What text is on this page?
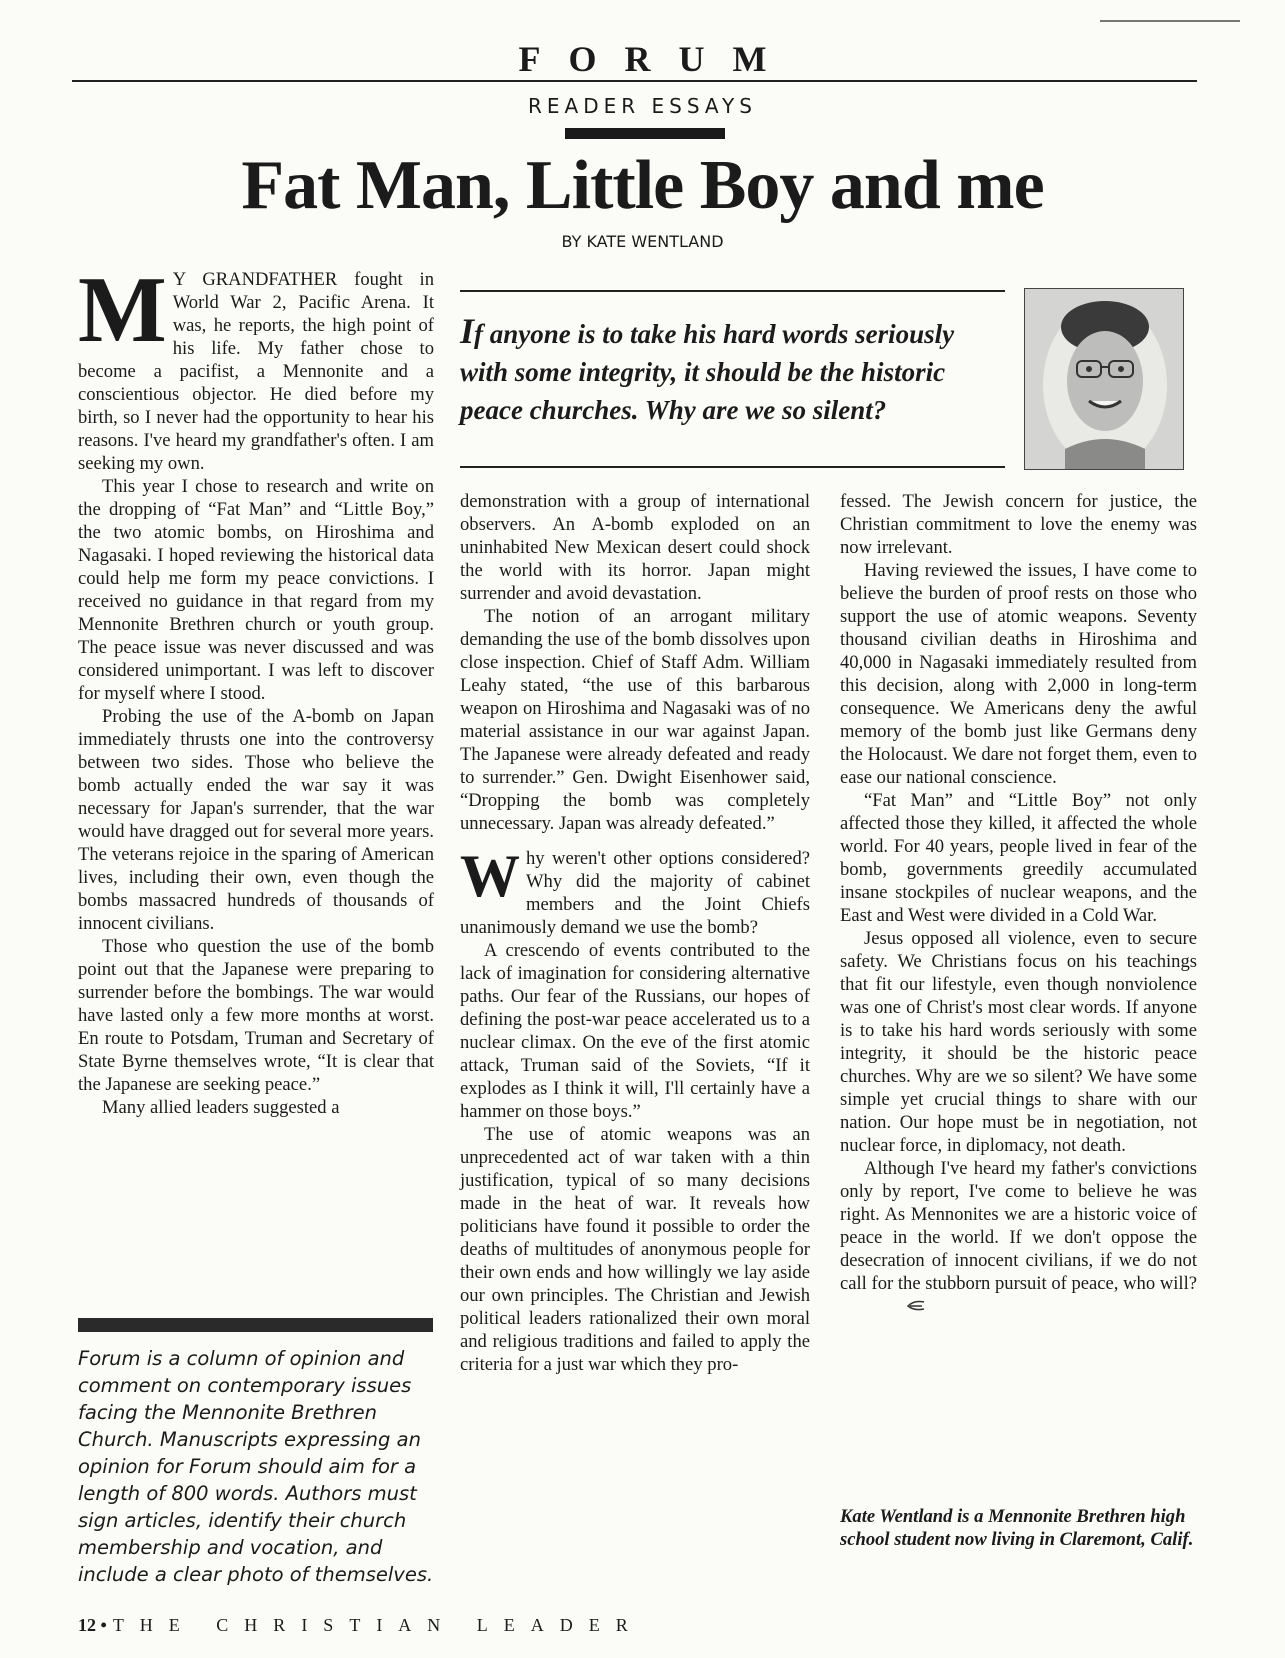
FORUM
READER ESSAYS
Fat Man, Little Boy and me
BY KATE WENTLAND

M Y GRANDFATHER fought in World War 2, Pacific Arena. It was, he reports, the high point of his life. My father chose to become a pacifist, a Mennonite and a conscientious objector. He died before my birth, so I never had the opportunity to hear his reasons. I've heard my grandfather's often. I am seeking my own.

This year I chose to research and write on the dropping of “Fat Man” and “Little Boy,” the two atomic bombs, on Hiroshima and Nagasaki. I hoped reviewing the historical data could help me form my peace convictions. I received no guidance in that regard from my Mennonite Brethren church or youth group. The peace issue was never discussed and was considered unimportant. I was left to discover for myself where I stood.

Probing the use of the A-bomb on Japan immediately thrusts one into the controversy between two sides. Those who believe the bomb actually ended the war say it was necessary for Japan's surrender, that the war would have dragged out for several more years. The veterans rejoice in the sparing of American lives, including their own, even though the bombs massacred hundreds of thousands of innocent civilians.

Those who question the use of the bomb point out that the Japanese were preparing to surrender before the bombings. The war would have lasted only a few more months at worst. En route to Potsdam, Truman and Secretary of State Byrne themselves wrote, “It is clear that the Japanese are seeking peace.”

Many allied leaders suggested a

If anyone is to take his hard words seriously with some integrity, it should be the historic peace churches. Why are we so silent?

demonstration with a group of international observers. An A-bomb exploded on an uninhabited New Mexican desert could shock the world with its horror. Japan might surrender and avoid devastation.

The notion of an arrogant military demanding the use of the bomb dissolves upon close inspection. Chief of Staff Adm. William Leahy stated, “the use of this barbarous weapon on Hiroshima and Nagasaki was of no material assistance in our war against Japan. The Japanese were already defeated and ready to surrender.” Gen. Dwight Eisenhower said, “Dropping the bomb was completely unnecessary. Japan was already defeated.”

Why weren't other options considered? Why did the majority of cabinet members and the Joint Chiefs unanimously demand we use the bomb?

A crescendo of events contributed to the lack of imagination for considering alternative paths. Our fear of the Russians, our hopes of defining the post-war peace accelerated us to a nuclear climax. On the eve of the first atomic attack, Truman said of the Soviets, “If it explodes as I think it will, I'll certainly have a hammer on those boys.”

The use of atomic weapons was an unprecedented act of war taken with a thin justification, typical of so many decisions made in the heat of war. It reveals how politicians have found it possible to order the deaths of multitudes of anonymous people for their own ends and how willingly we lay aside our own principles. The Christian and Jewish political leaders rationalized their own moral and religious traditions and failed to apply the criteria for a just war which they pro-

fessed. The Jewish concern for justice, the Christian commitment to love the enemy was now irrelevant.

Having reviewed the issues, I have come to believe the burden of proof rests on those who support the use of atomic weapons. Seventy thousand civilian deaths in Hiroshima and 40,000 in Nagasaki immediately resulted from this decision, along with 2,000 in long-term consequence. We Americans deny the awful memory of the bomb just like Germans deny the Holocaust. We dare not forget them, even to ease our national conscience.

“Fat Man” and “Little Boy” not only affected those they killed, it affected the whole world. For 40 years, people lived in fear of the bomb, governments greedily accumulated insane stockpiles of nuclear weapons, and the East and West were divided in a Cold War.

Jesus opposed all violence, even to secure safety. We Christians focus on his teachings that fit our lifestyle, even though nonviolence was one of Christ's most clear words. If anyone is to take his hard words seriously with some integrity, it should be the historic peace churches. Why are we so silent? We have some simple yet crucial things to share with our nation. Our hope must be in negotiation, not nuclear force, in diplomacy, not death.

Although I've heard my father's convictions only by report, I've come to believe he was right. As Mennonites we are a historic voice of peace in the world. If we don't oppose the desecration of innocent civilians, if we do not call for the stubborn pursuit of peace, who will?

Forum is a column of opinion and comment on contemporary issues facing the Mennonite Brethren Church. Manuscripts expressing an opinion for Forum should aim for a length of 800 words. Authors must sign articles, identify their church membership and vocation, and include a clear photo of themselves.
Kate Wentland is a Mennonite Brethren high school student now living in Claremont, Calif.
12 • THE CHRISTIAN LEADER
